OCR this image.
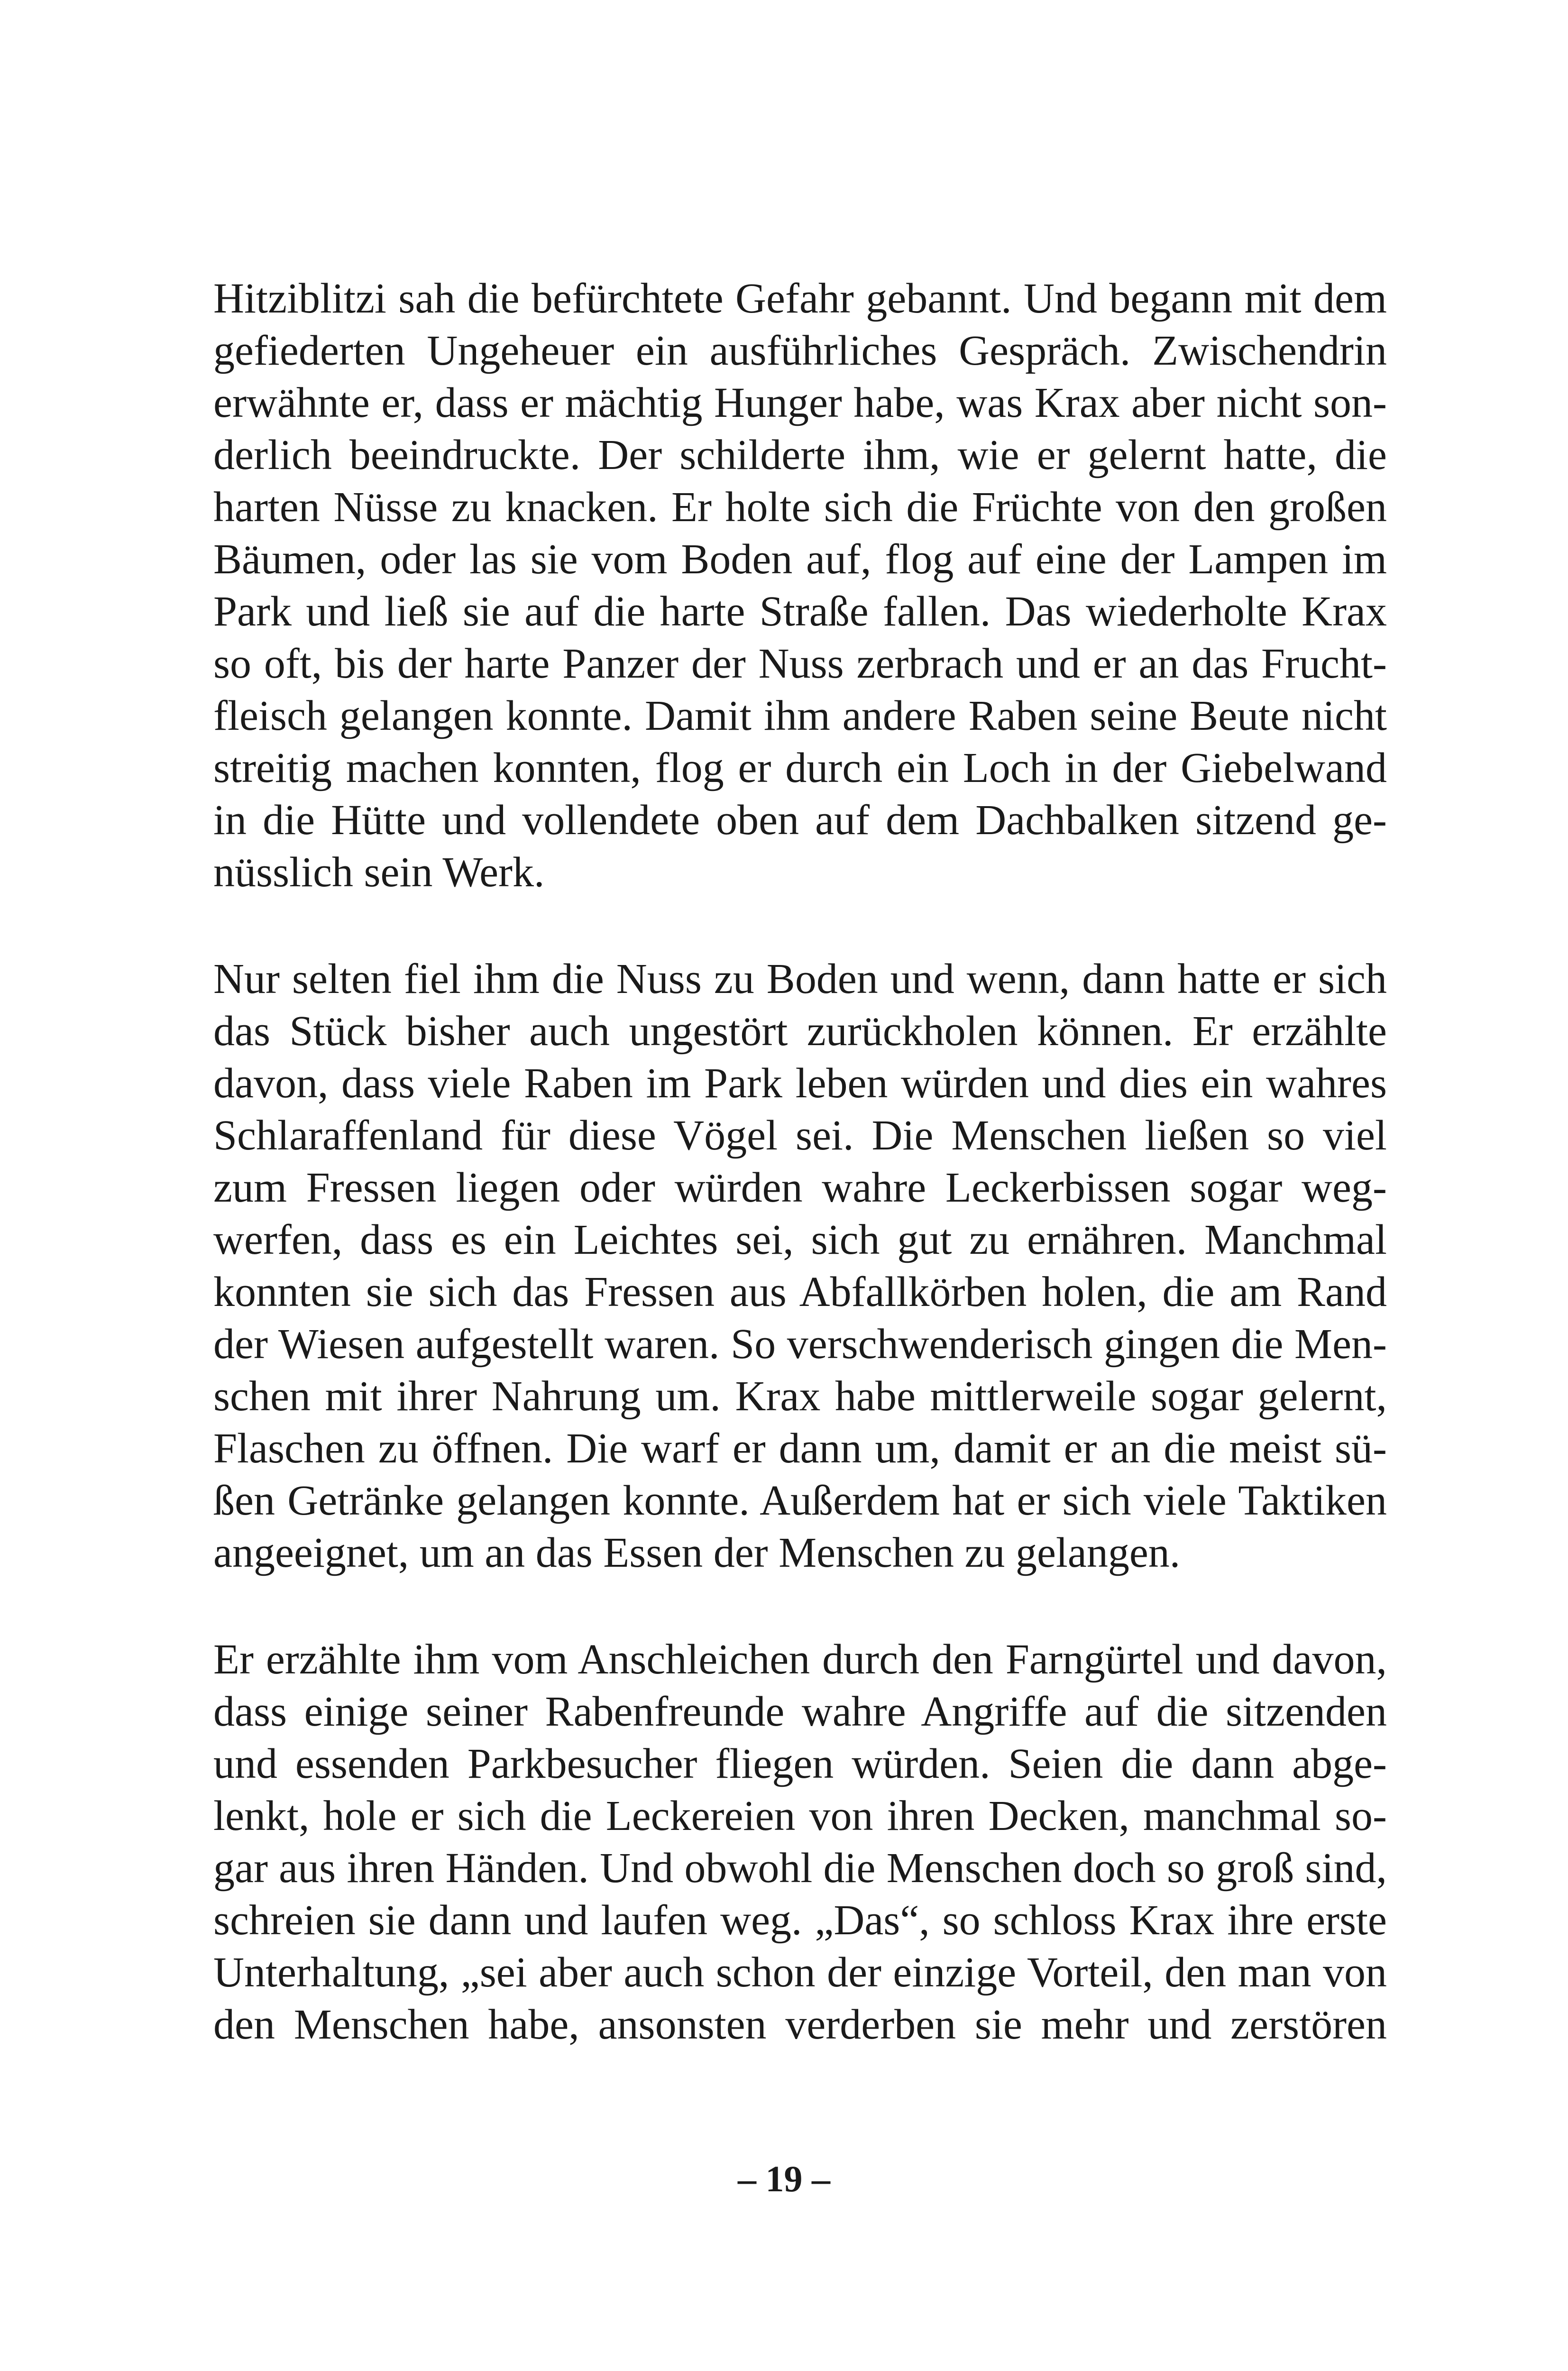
Hitziblitzi sah die befürchtete Gefahr gebannt. Und begann mit dem gefiederten Ungeheuer ein ausführliches Gespräch. Zwischendrin erwähnte er, dass er mächtig Hunger habe, was Krax aber nicht sonderlich beeindruckte. Der schilderte ihm, wie er gelernt hatte, die harten Nüsse zu knacken. Er holte sich die Früchte von den großen Bäumen, oder las sie vom Boden auf, flog auf eine der Lampen im Park und ließ sie auf die harte Straße fallen. Das wiederholte Krax so oft, bis der harte Panzer der Nuss zerbrach und er an das Fruchtfleisch gelangen konnte. Damit ihm andere Raben seine Beute nicht streitig machen konnten, flog er durch ein Loch in der Giebelwand in die Hütte und vollendete oben auf dem Dachbalken sitzend genüsslich sein Werk.

Nur selten fiel ihm die Nuss zu Boden und wenn, dann hatte er sich das Stück bisher auch ungestört zurückholen können. Er erzählte davon, dass viele Raben im Park leben würden und dies ein wahres Schlaraffenland für diese Vögel sei. Die Menschen ließen so viel zum Fressen liegen oder würden wahre Leckerbissen sogar wegwerfen, dass es ein Leichtes sei, sich gut zu ernähren. Manchmal konnten sie sich das Fressen aus Abfallkörben holen, die am Rand der Wiesen aufgestellt waren. So verschwenderisch gingen die Menschen mit ihrer Nahrung um. Krax habe mittlerweile sogar gelernt, Flaschen zu öffnen. Die warf er dann um, damit er an die meist süßen Getränke gelangen konnte. Außerdem hat er sich viele Taktiken angeeignet, um an das Essen der Menschen zu gelangen.

Er erzählte ihm vom Anschleichen durch den Farngürtel und davon, dass einige seiner Rabenfreunde wahre Angriffe auf die sitzenden und essenden Parkbesucher fliegen würden. Seien die dann abgelenkt, hole er sich die Leckereien von ihren Decken, manchmal sogar aus ihren Händen. Und obwohl die Menschen doch so groß sind, schreien sie dann und laufen weg. „Das“, so schloss Krax ihre erste Unterhaltung, „sei aber auch schon der einzige Vorteil, den man von den Menschen habe, ansonsten verderben sie mehr und zerstören

– 19 –
